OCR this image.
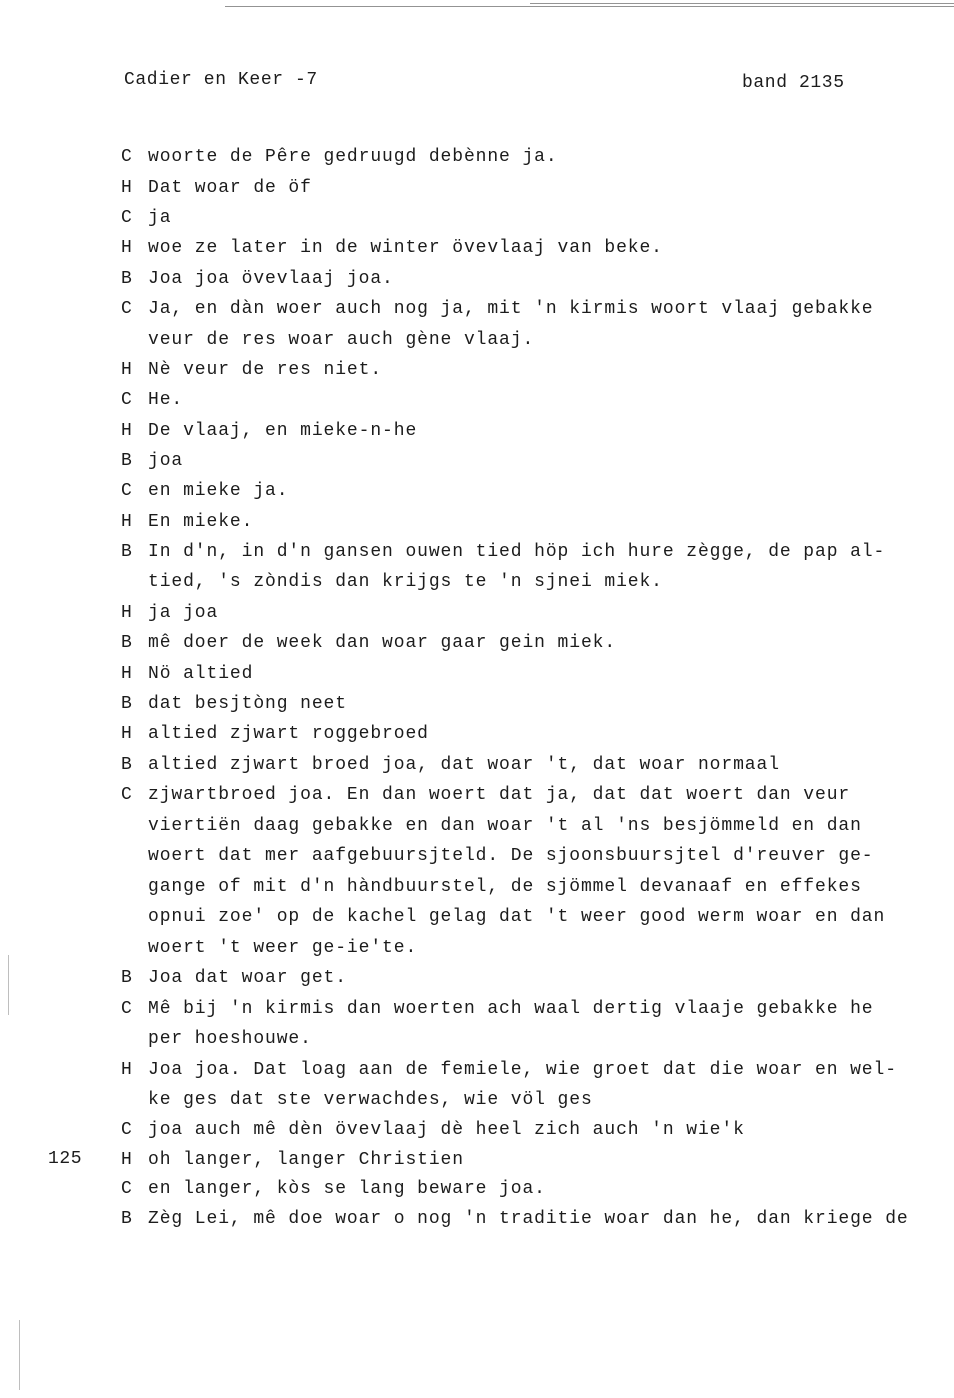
Cadier en Keer -7	band 2135
125
C woorte de Pêre gedruugd debènne ja.
H Dat woar de öf
C ja
H woe ze later in de winter övevlaaj van beke.
B Joa joa övevlaaj joa.
C Ja, en dàn woer auch nog ja, mit 'n kirmis woort vlaaj gebakke
veur de res woar auch gène vlaaj.
H Nè veur de res niet.
C He.
H De vlaaj, en mieke-n-he
B joa
C en mieke ja.
H En mieke.
B In d'n, in d'n gansen ouwen tied höp ich hure zègge, de pap al-
tied, 's zòndis dan krijgs te 'n sjnei miek.
H ja joa
B mê doer de week dan woar gaar gein miek.
H Nö altied
B dat besjtòng neet
H altied zjwart roggebroed
B altied zjwart broed joa, dat woar 't, dat woar normaal
C zjwartbroed joa. En dan woert dat ja, dat dat woert dan veur
viertiën daag gebakke en dan woar 't al 'ns besjömmeld en dan
woert dat mer aafgebuursjteld. De sjoonsbuursjtel d'reuver ge-
gange of mit d'n hàndbuurstel, de sjömmel devanaaf en effekes
opnui zoe' op de kachel gelag dat 't weer good werm woar en dan
woert 't weer ge-ie'te.
B Joa dat woar get.
C Mê bij 'n kirmis dan woerten ach waal dertig vlaaje gebakke he
per hoeshouwe.
H Joa joa. Dat loag aan de femiele, wie groet dat die woar en wel-
ke ges dat ste verwachdes, wie völ ges
C joa auch mê dèn övevlaaj dè heel zich auch 'n wie'k
H oh langer, langer Christien
C en langer, kòs se lang beware joa.
B Zèg Lei, mê doe woar o nog 'n traditie woar dan he, dan kriege de
